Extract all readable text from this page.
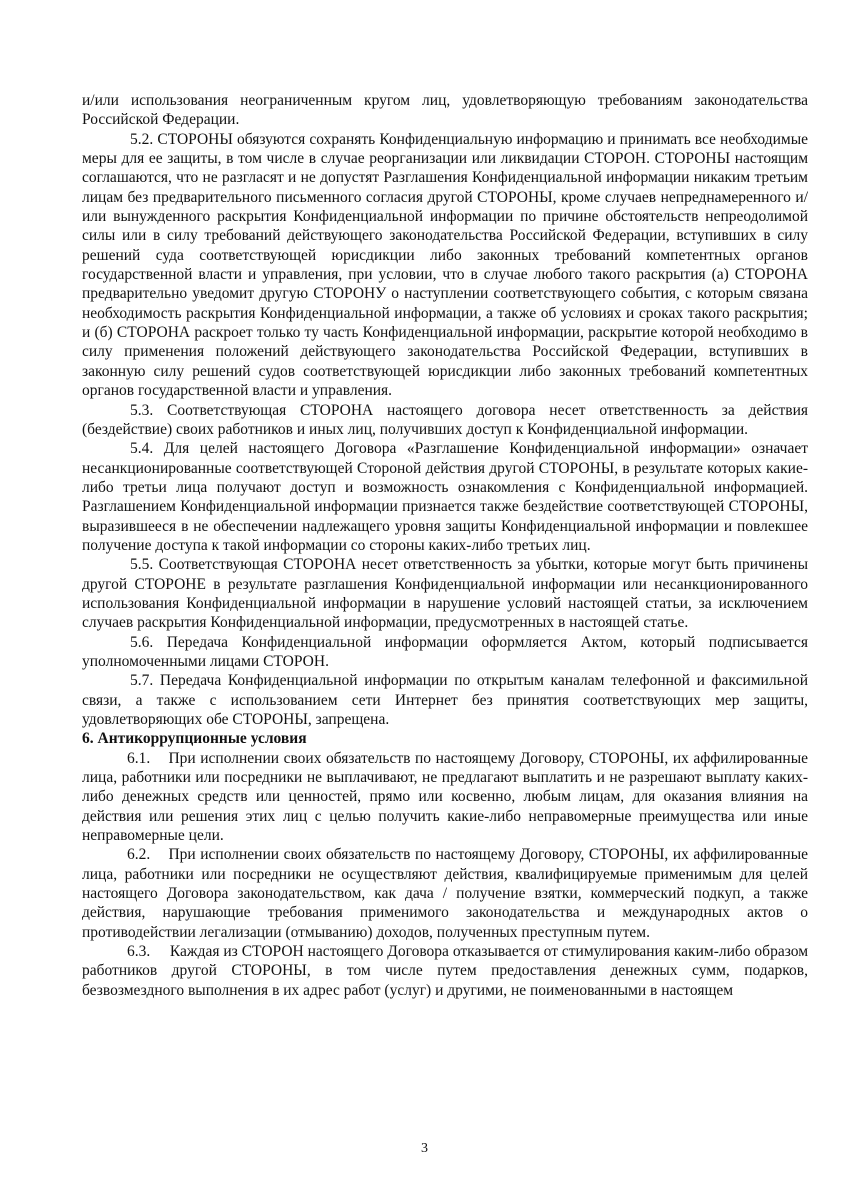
и/или использования неограниченным кругом лиц, удовлетворяющую требованиям законодательства Российской Федерации.

5.2. СТОРОНЫ обязуются сохранять Конфиденциальную информацию и принимать все необходимые меры для ее защиты, в том числе в случае реорганизации или ликвидации СТОРОН. СТОРОНЫ настоящим соглашаются, что не разгласят и не допустят Разглашения Конфиденциальной информации никаким третьим лицам без предварительного письменного согласия другой СТОРОНЫ, кроме случаев непреднамеренного и/или вынужденного раскрытия Конфиденциальной информации по причине обстоятельств непреодолимой силы или в силу требований действующего законодательства Российской Федерации, вступивших в силу решений суда соответствующей юрисдикции либо законных требований компетентных органов государственной власти и управления, при условии, что в случае любого такого раскрытия (а) СТОРОНА предварительно уведомит другую СТОРОНУ о наступлении соответствующего события, с которым связана необходимость раскрытия Конфиденциальной информации, а также об условиях и сроках такого раскрытия; и (б) СТОРОНА раскроет только ту часть Конфиденциальной информации, раскрытие которой необходимо в силу применения положений действующего законодательства Российской Федерации, вступивших в законную силу решений судов соответствующей юрисдикции либо законных требований компетентных органов государственной власти и управления.

5.3. Соответствующая СТОРОНА настоящего договора несет ответственность за действия (бездействие) своих работников и иных лиц, получивших доступ к Конфиденциальной информации.

5.4. Для целей настоящего Договора «Разглашение Конфиденциальной информации» означает несанкционированные соответствующей Стороной действия другой СТОРОНЫ, в результате которых какие-либо третьи лица получают доступ и возможность ознакомления с Конфиденциальной информацией. Разглашением Конфиденциальной информации признается также бездействие соответствующей СТОРОНЫ, выразившееся в не обеспечении надлежащего уровня защиты Конфиденциальной информации и повлекшее получение доступа к такой информации со стороны каких-либо третьих лиц.

5.5. Соответствующая СТОРОНА несет ответственность за убытки, которые могут быть причинены другой СТОРОНЕ в результате разглашения Конфиденциальной информации или несанкционированного использования Конфиденциальной информации в нарушение условий настоящей статьи, за исключением случаев раскрытия Конфиденциальной информации, предусмотренных в настоящей статье.

5.6. Передача Конфиденциальной информации оформляется Актом, который подписывается уполномоченными лицами СТОРОН.

5.7. Передача Конфиденциальной информации по открытым каналам телефонной и факсимильной связи, а также с использованием сети Интернет без принятия соответствующих мер защиты, удовлетворяющих обе СТОРОНЫ, запрещена.

6. Антикоррупционные условия

6.1.    При исполнении своих обязательств по настоящему Договору, СТОРОНЫ, их аффилированные лица, работники или посредники не выплачивают, не предлагают выплатить и не разрешают выплату каких-либо денежных средств или ценностей, прямо или косвенно, любым лицам, для оказания влияния на действия или решения этих лиц с целью получить какие-либо неправомерные преимущества или иные неправомерные цели.

6.2.    При исполнении своих обязательств по настоящему Договору, СТОРОНЫ, их аффилированные лица, работники или посредники не осуществляют действия, квалифицируемые применимым для целей настоящего Договора законодательством, как дача / получение взятки, коммерческий подкуп, а также действия, нарушающие требования применимого законодательства и международных актов о противодействии легализации (отмыванию) доходов, полученных преступным путем.

6.3.     Каждая из СТОРОН настоящего Договора отказывается от стимулирования каким-либо образом работников другой СТОРОНЫ, в том числе путем предоставления денежных сумм, подарков, безвозмездного выполнения в их адрес работ (услуг) и другими, не поименованными в настоящем

3
